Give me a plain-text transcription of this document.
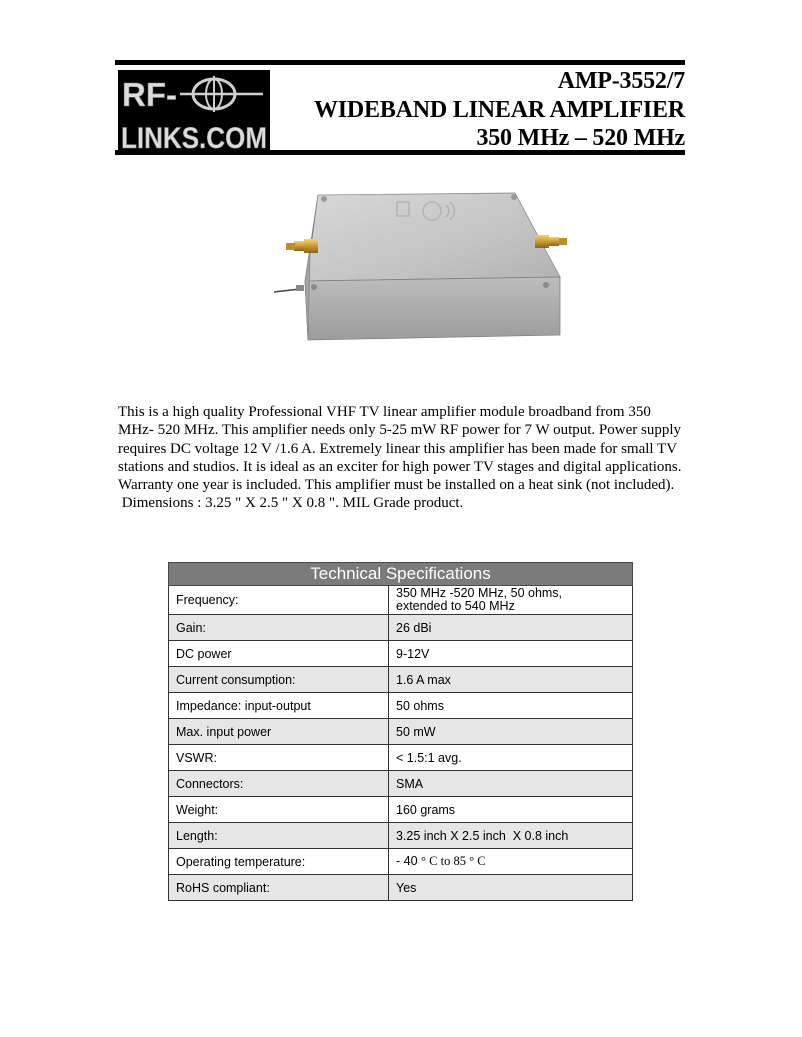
RF-
LINKS.COM
AMP-3552/7
WIDEBAND LINEAR AMPLIFIER
350 MHz – 520 MHz

This is a high quality Professional VHF TV linear amplifier module broadband from 350 MHz- 520 MHz. This amplifier needs only 5-25 mW RF power for 7 W output. Power supply requires DC voltage 12 V /1.6 A. Extremely linear this amplifier has been made for small TV stations and studios. It is ideal as an exciter for high power TV stages and digital applications. Warranty one year is included. This amplifier must be installed on a heat sink (not included).

Dimensions : 3.25 " X 2.5 " X 0.8 ". MIL Grade product.

Technical Specifications	
Frequency:	350 MHz -520 MHz, 50 ohms,
extended to 540 MHz

Gain:	26 dBi
DC power	9-12V
Current consumption:	1.6 A max
Impedance: input-output	50 ohms
Max. input power	50 mW
VSWR:	< 1.5:1 avg.
Connectors:	SMA
Weight:	160 grams
Length:	3.25 inch X 2.5 inch  X 0.8 inch
Operating temperature:	- 40 ° C to 85 ° C
RoHS compliant:	Yes
